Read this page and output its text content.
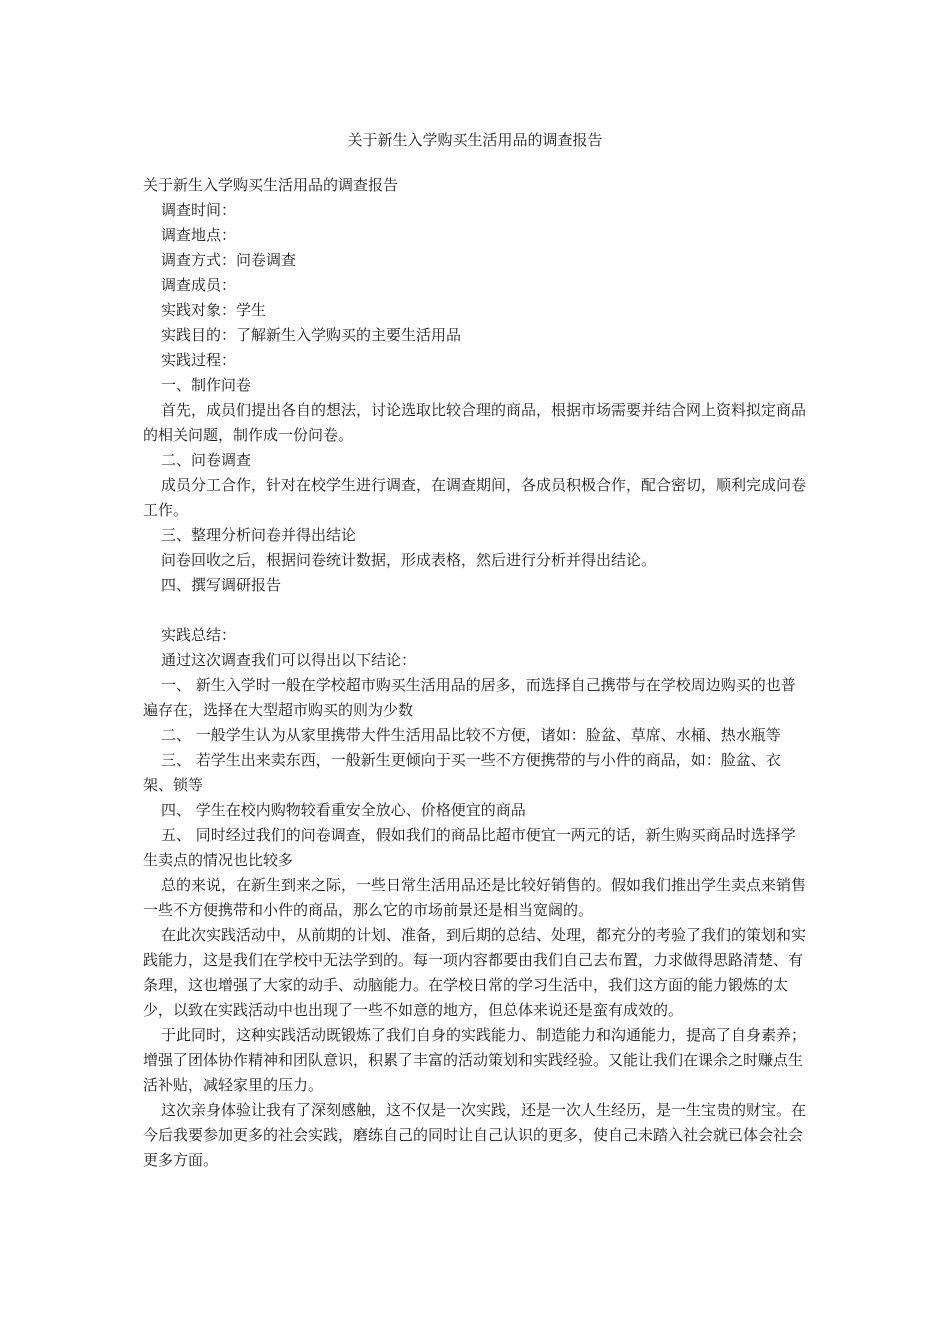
关于新生入学购买生活用品的调查报告

关于新生入学购买生活用品的调查报告

调查时间：

调查地点：

调查方式：问卷调查

调查成员：

实践对象：学生

实践目的：了解新生入学购买的主要生活用品

实践过程：

一、制作问卷

首先，成员们提出各自的想法，讨论选取比较合理的商品，根据市场需要并结合网上资料拟定商品的相关问题，制作成一份问卷。

二、问卷调查

成员分工合作，针对在校学生进行调查，在调查期间，各成员积极合作，配合密切，顺利完成问卷工作。

三、整理分析问卷并得出结论

问卷回收之后，根据问卷统计数据，形成表格，然后进行分析并得出结论。

四、撰写调研报告

实践总结：

通过这次调查我们可以得出以下结论：

一、 新生入学时一般在学校超市购买生活用品的居多，而选择自己携带与在学校周边购买的也普遍存在，选择在大型超市购买的则为少数

二、 一般学生认为从家里携带大件生活用品比较不方便，诸如：脸盆、草席、水桶、热水瓶等

三、 若学生出来卖东西，一般新生更倾向于买一些不方便携带的与小件的商品，如：脸盆、衣架、锁等

四、 学生在校内购物较看重安全放心、价格便宜的商品

五、 同时经过我们的问卷调查，假如我们的商品比超市便宜一两元的话，新生购买商品时选择学生卖点的情况也比较多

总的来说，在新生到来之际，一些日常生活用品还是比较好销售的。假如我们推出学生卖点来销售一些不方便携带和小件的商品，那么它的市场前景还是相当宽阔的。

在此次实践活动中，从前期的计划、准备，到后期的总结、处理，都充分的考验了我们的策划和实践能力，这是我们在学校中无法学到的。每一项内容都要由我们自己去布置，力求做得思路清楚、有条理，这也增强了大家的动手、动脑能力。在学校日常的学习生活中，我们这方面的能力锻炼的太少，以致在实践活动中也出现了一些不如意的地方，但总体来说还是蛮有成效的。

于此同时，这种实践活动既锻炼了我们自身的实践能力、制造能力和沟通能力，提高了自身素养；增强了团体协作精神和团队意识，积累了丰富的活动策划和实践经验。又能让我们在课余之时赚点生活补贴，减轻家里的压力。

这次亲身体验让我有了深刻感触，这不仅是一次实践，还是一次人生经历，是一生宝贵的财宝。在今后我要参加更多的社会实践，磨练自己的同时让自己认识的更多，使自己未踏入社会就已体会社会更多方面。
